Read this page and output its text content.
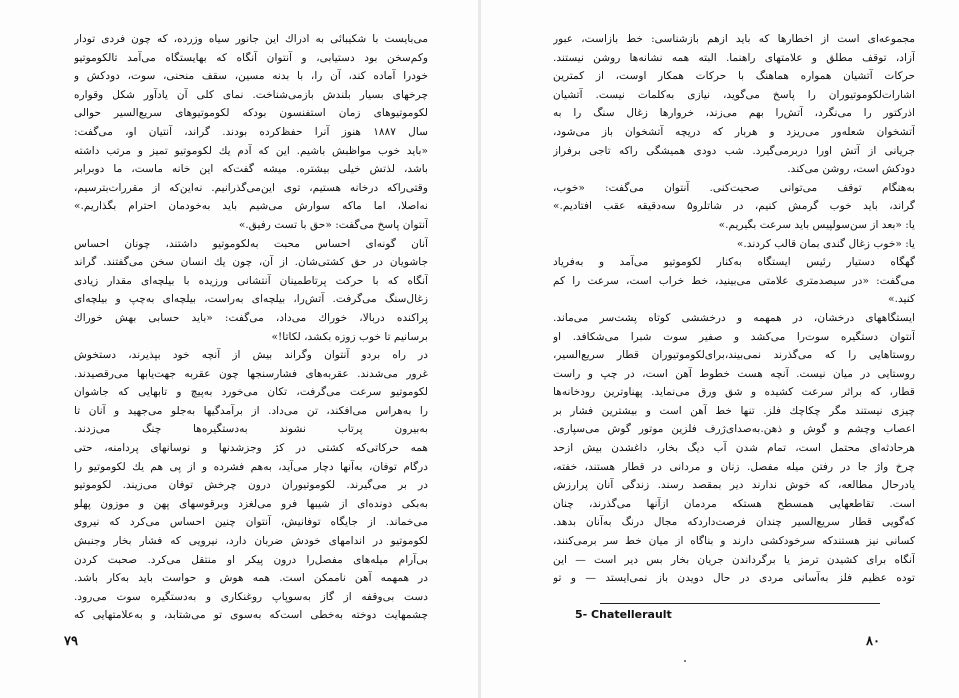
می‌بایست با شکیبائی به ادراك این جانور سیاه وزرده، كه چون فردی تودار
وكم‌سخن بود دستیابی، و آنتوان آنگاه كه بهایستگاه می‌آمد تالكوموتیو
خودرا آماده كند، آن را، با بدنه مسین، سقف منحنی، سوت، دودكش و
چرخهای بسیار بلندش بازمی‌شناخت. نمای كلی آن یادآور شكل وقواره
لكوموتیوهای زمان استفنسون بودكه لكوموتیوهای سریع‌السیر حوالی
سال ۱۸۸۷ هنوز آنرا حفظ‌كرده بودند. گراند، آنتیان او، می‌گفت:
«باید خوب مواظبش باشیم. این كه آدم یك لكوموتیو تمیز و مرتب داشته
باشد، لذتش خیلی بیشتره. میشه گفت‌كه این خانه ماست، ما دوبرابر
وقتی‌راكه درخانه هستیم، توی این‌می‌گذرانیم. نه‌این‌كه از مقررات‌بترسیم،
نه‌اصلا، اما ماكه سوارش می‌شیم باید به‌خودمان احترام بگذاریم.»
آنتوان پاسخ می‌گفت: «حق با تست رفیق.»
آنان گونه‌ای احساس محبت به‌لكوموتیو داشتند، چونان احساس
جاشویان در حق كشتی‌شان. از آن، چون یك انسان سخن می‌گفتند. گراند
آنگاه كه با حركت پرتاطمینان آنتشانی ورزیده با بیلچه‌ای مقدار زیادی
زغال‌سنگ می‌گرفت. آتش‌را، بیلچه‌ای به‌راست، بیلچه‌ای به‌چپ و بیلچه‌ای
پراكنده دربالا، خوراك می‌داد، می‌گفت: «باید حسابی بهش خوراك
برسانیم تا خوب زوزه بكشد، لكاتا!»
در راه بردو آنتوان وگراند بیش از آنچه خود بپذیرند، دستخوش
غرور می‌شدند. عقربه‌های فشارسنجها چون عقربه جهت‌یابها می‌رقصیدند.
لكوموتیو سرعت می‌گرفت، تكان می‌خورد به‌پیچ و تابهایی كه جاشوان
را به‌هراس می‌افكند، تن می‌داد. از برآمدگیها به‌جلو می‌جهید و آنان تا
به‌بیرون پرتاب نشوند به‌دستگیره‌ها چنگ می‌زدند.
همه حركاتی‌كه كشتی در كژ وجزشدنها و نوسانهای پردامنه، حتی
درگام توفان، به‌آنها دچار می‌آید، به‌هم فشرده و از پی هم یك لكوموتیو را
در بر می‌گیرند. لكوموتیوران درون چرخش توفان می‌زیند. لكوموتیو
به‌بكی دونده‌ای از شیبها فرو می‌لغزد وبرقوسهای پهن و موزون پهلو
می‌خماند. از جایگاه توفانیش، آنتوان چنین احساس می‌كرد كه نیروی
لكوموتیو در اندامهای خودش ضربان دارد، نیرویی كه فشار بخار وجنبش
بی‌آرام میله‌های مفصل‌را درون پیكر او منتقل می‌كرد. صحبت كردن
در همهمه آهن ناممكن است. همه هوش و حواست باید به‌كار باشد.
دست بی‌وقفه از گاز به‌سوپاپ روغنكاری و به‌دستگیره سوت می‌رود.
چشمهایت دوخته به‌خطی است‌كه به‌سوی تو می‌شتابد، و به‌علامتهایی كه
۷۹
مجموعه‌ای است از اخطارها كه باید ازهم بازشناسی: خط بازاست، عبور
آزاد، توقف مطلق و علامتهای راهنما. البته همه نشانه‌ها روشن نیستند.
حركات آتشیان همواره هماهنگ با حركات همكار اوست، از كمترین
اشارات‌لكوموتیوران را پاسخ می‌گوید، نیازی به‌كلمات نیست. آتشیان
اذركتور را می‌نگرد، آتش‌را بهم می‌زند، خروارها زغال سنگ را به
آتشخوان شعله‌ور می‌ریزد و هربار كه دریچه آتشخوان باز می‌شود،
جریانی از آتش اورا دربرمی‌گیرد. شب دودی همیشگی راكه تاجی برفراز
دودكش است، روشن می‌كند.
به‌هنگام توقف می‌توانی صحبت‌كنی. آنتوان می‌گفت: «خوب،
گراند، باید خوب گرمش كنیم، در شاتلرو۵ سه‌دقیقه عقب افتادیم.»
یا: «بعد از سن‌سولپیس باید سرعت بگیریم.»
یا: «خوب زغال گندی بمان قالب كردند.»
گهگاه دستیار رئیس ایستگاه به‌كنار لكوموتیو می‌آمد و به‌فریاد
می‌گفت: «در سیصدمتری علامتی می‌بینید، خط خراب است، سرعت را كم
كنید.»
ایستگاههای درخشان، در همهمه و درخششی كوتاه پشت‌سر می‌ماند.
آنتوان دستگیره سوت‌را می‌كشد و صفیر سوت شبرا می‌شكافد. او
روستاهایی را كه می‌گذرند نمی‌بیند،برای‌لكوموتیوران قطار سریع‌السیر،
روستایی در میان نیست. آنچه هست خطوط آهن است، در چپ و راست
قطار، كه براثر سرعت كشیده و شق ورق می‌نماید. پهناوترین رودخانه‌ها
چیزی نیستند مگر چكاچك فلز. تنها خط آهن است و بیشترین فشار بر
اعصاب وچشم و گوش و ذهن.به‌صدای‌ژرف فلزین موتور گوش می‌سپاری.
هرحادثه‌ای محتمل است، تمام شدن آب دیگ بخار، داغشدن بیش ازحد
چرخ واژ جا در رفتن میله مفصل. زنان و مردانی در قطار هستند، خفته،
یادرحال مطالعه، كه خوش ندارند دیر بمقصد رسند. زندگی آنان پرارزش
است. تقاطعهایی همسطح هستكه مردمان ازآنها می‌گذرند، چنان
كه‌گویی قطار سریع‌السیر چندان فرصت‌داردكه مجال درنگ به‌آنان بدهد.
كسانی نیز هستندكه سرخودكشی دارند و بناگاه از میان خط سر برمی‌كنند،
آنگاه برای كشیدن ترمز یا برگرداندن جریان بخار بس دیر است — این
توده عظیم فلز به‌آسانی مردی در حال دویدن باز نمی‌ایستد — و تو
5- Chatellerault
۸۰
